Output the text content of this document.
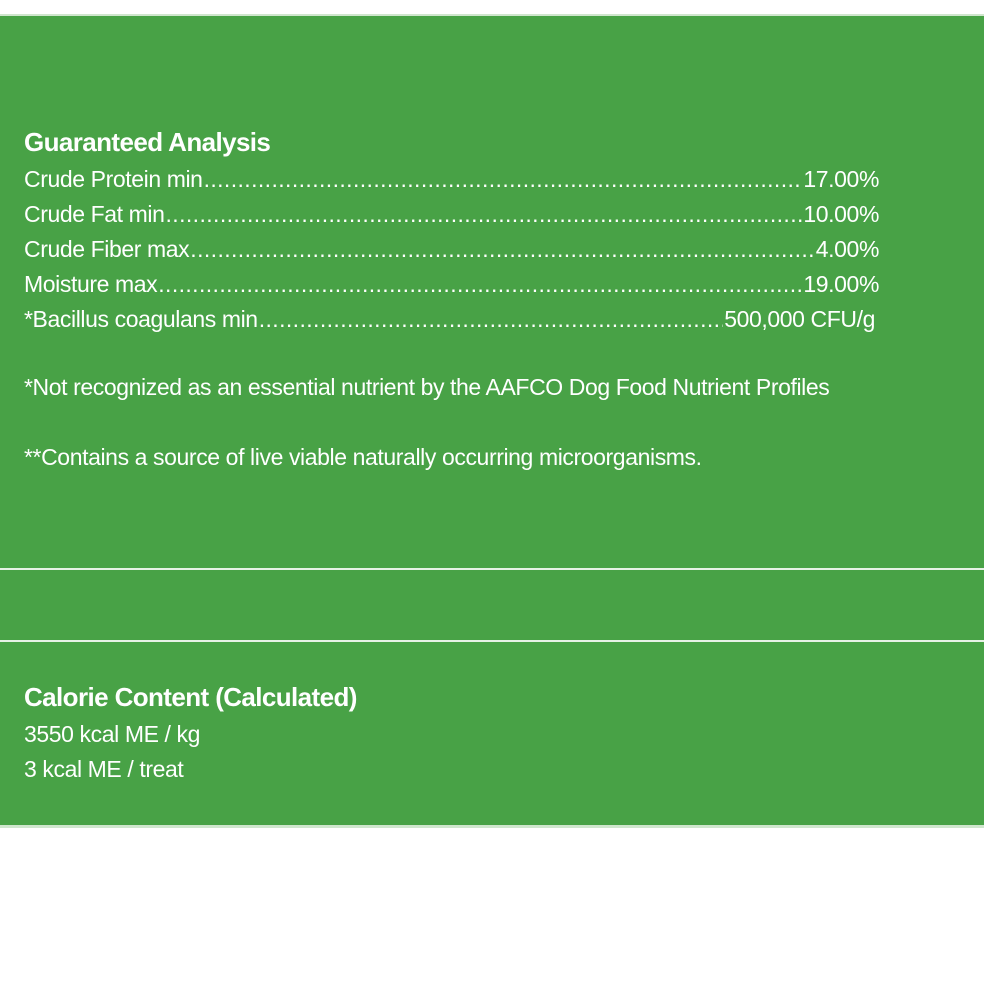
Guaranteed Analysis
Crude Protein min .....	17.00%
Crude Fat min .....	10.00%
Crude Fiber max .....	4.00%
Moisture max .....	19.00%
*Bacillus coagulans min .....	500,000 CFU/g
*Not recognized as an essential nutrient by the AAFCO Dog Food Nutrient Profiles
**Contains a source of live viable naturally occurring microorganisms.
Calorie Content (Calculated)
3550 kcal ME / kg
3 kcal ME / treat
